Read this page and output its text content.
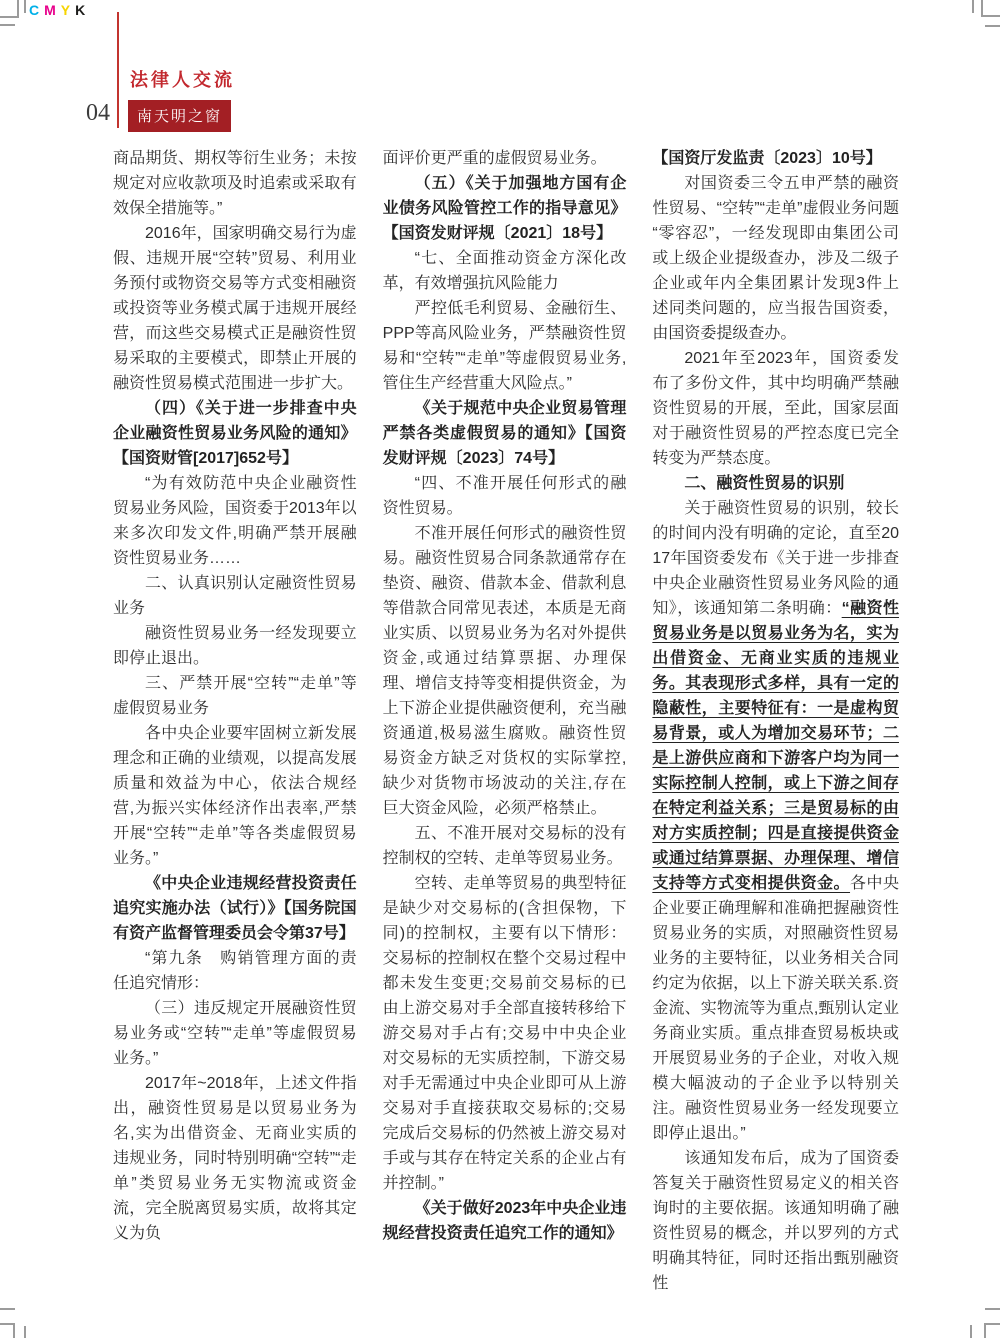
CMYK
04
法律人交流
南天明之窗

商品期货、期权等衍生业务；未按规定对应收款项及时追索或采取有效保全措施等。”

2016年，国家明确交易行为虚假、违规开展“空转”贸易、利用业务预付或物资交易等方式变相融资或投资等业务模式属于违规开展经营，而这些交易模式正是融资性贸易采取的主要模式，即禁止开展的融资性贸易模式范围进一步扩大。

（四）《关于进一步排查中央企业融资性贸易业务风险的通知》【国资财管[2017]652号】

“为有效防范中央企业融资性贸易业务风险，国资委于2013年以来多次印发文件,明确严禁开展融资性贸易业务……

二、认真识别认定融资性贸易业务

融资性贸易业务一经发现要立即停止退出。

三、严禁开展“空转”“走单”等虚假贸易业务

各中央企业要牢固树立新发展理念和正确的业绩观，以提高发展质量和效益为中心，依法合规经营,为振兴实体经济作出表率,严禁开展“空转”“走单”等各类虚假贸易业务。”

《中央企业违规经营投资责任追究实施办法（试行）》【国务院国有资产监督管理委员会令第37号】

“第九条　购销管理方面的责任追究情形：

（三）违反规定开展融资性贸易业务或“空转”“走单”等虚假贸易业务。”

2017年~2018年，上述文件指出，融资性贸易是以贸易业务为名,实为出借资金、无商业实质的违规业务，同时特别明确“空转”“走单”类贸易业务无实物流或资金流，完全脱离贸易实质，故将其定义为负

面评价更严重的虚假贸易业务。

（五）《关于加强地方国有企业债务风险管控工作的指导意见》【国资发财评规〔2021〕18号】

“七、全面推动资金方深化改革，有效增强抗风险能力

严控低毛利贸易、金融衍生、PPP等高风险业务，严禁融资性贸易和“空转”“走单”等虚假贸易业务,管住生产经营重大风险点。”

《关于规范中央企业贸易管理严禁各类虚假贸易的通知》【国资发财评规〔2023〕74号】

“四、不准开展任何形式的融资性贸易。

不准开展任何形式的融资性贸易。融资性贸易合同条款通常存在垫资、融资、借款本金、借款利息等借款合同常见表述，本质是无商业实质、以贸易业务为名对外提供资金,或通过结算票据、办理保理、增信支持等变相提供资金，为上下游企业提供融资便利，充当融资通道,极易滋生腐败。融资性贸易资金方缺乏对货权的实际掌控,缺少对货物市场波动的关注,存在巨大资金风险，必须严格禁止。

五、不准开展对交易标的没有控制权的空转、走单等贸易业务。

空转、走单等贸易的典型特征是缺少对交易标的(含担保物，下同)的控制权，主要有以下情形：交易标的控制权在整个交易过程中都未发生变更;交易前交易标的已由上游交易对手全部直接转移给下游交易对手占有;交易中中央企业对交易标的无实质控制，下游交易对手无需通过中央企业即可从上游交易对手直接获取交易标的;交易完成后交易标的仍然被上游交易对手或与其存在特定关系的企业占有并控制。”

《关于做好2023年中央企业违规经营投资责任追究工作的通知》

【国资厅发监责〔2023〕10号】

对国资委三令五申严禁的融资性贸易、“空转”“走单”虚假业务问题“零容忍”，一经发现即由集团公司或上级企业提级查办，涉及二级子企业或年内全集团累计发现3件上述同类问题的，应当报告国资委，由国资委提级查办。

2021年至2023年，国资委发布了多份文件，其中均明确严禁融资性贸易的开展，至此，国家层面对于融资性贸易的严控态度已完全转变为严禁态度。

二、融资性贸易的识别

关于融资性贸易的识别，较长的时间内没有明确的定论，直至2017年国资委发布《关于进一步排查中央企业融资性贸易业务风险的通知》，该通知第二条明确：“融资性贸易业务是以贸易业务为名，实为出借资金、无商业实质的违规业务。其表现形式多样，具有一定的隐蔽性，主要特征有：一是虚构贸易背景，或人为增加交易环节；二是上游供应商和下游客户均为同一实际控制人控制，或上下游之间存在特定利益关系；三是贸易标的由对方实质控制；四是直接提供资金或通过结算票据、办理保理、增信支持等方式变相提供资金。各中央企业要正确理解和准确把握融资性贸易业务的实质，对照融资性贸易业务的主要特征，以业务相关合同约定为依据，以上下游关联关系.资金流、实物流等为重点,甄别认定业务商业实质。重点排查贸易板块或开展贸易业务的子企业，对收入规模大幅波动的子企业予以特别关注。融资性贸易业务一经发现要立即停止退出。”

该通知发布后，成为了国资委答复关于融资性贸易定义的相关咨询时的主要依据。该通知明确了融资性贸易的概念，并以罗列的方式明确其特征，同时还指出甄别融资性
